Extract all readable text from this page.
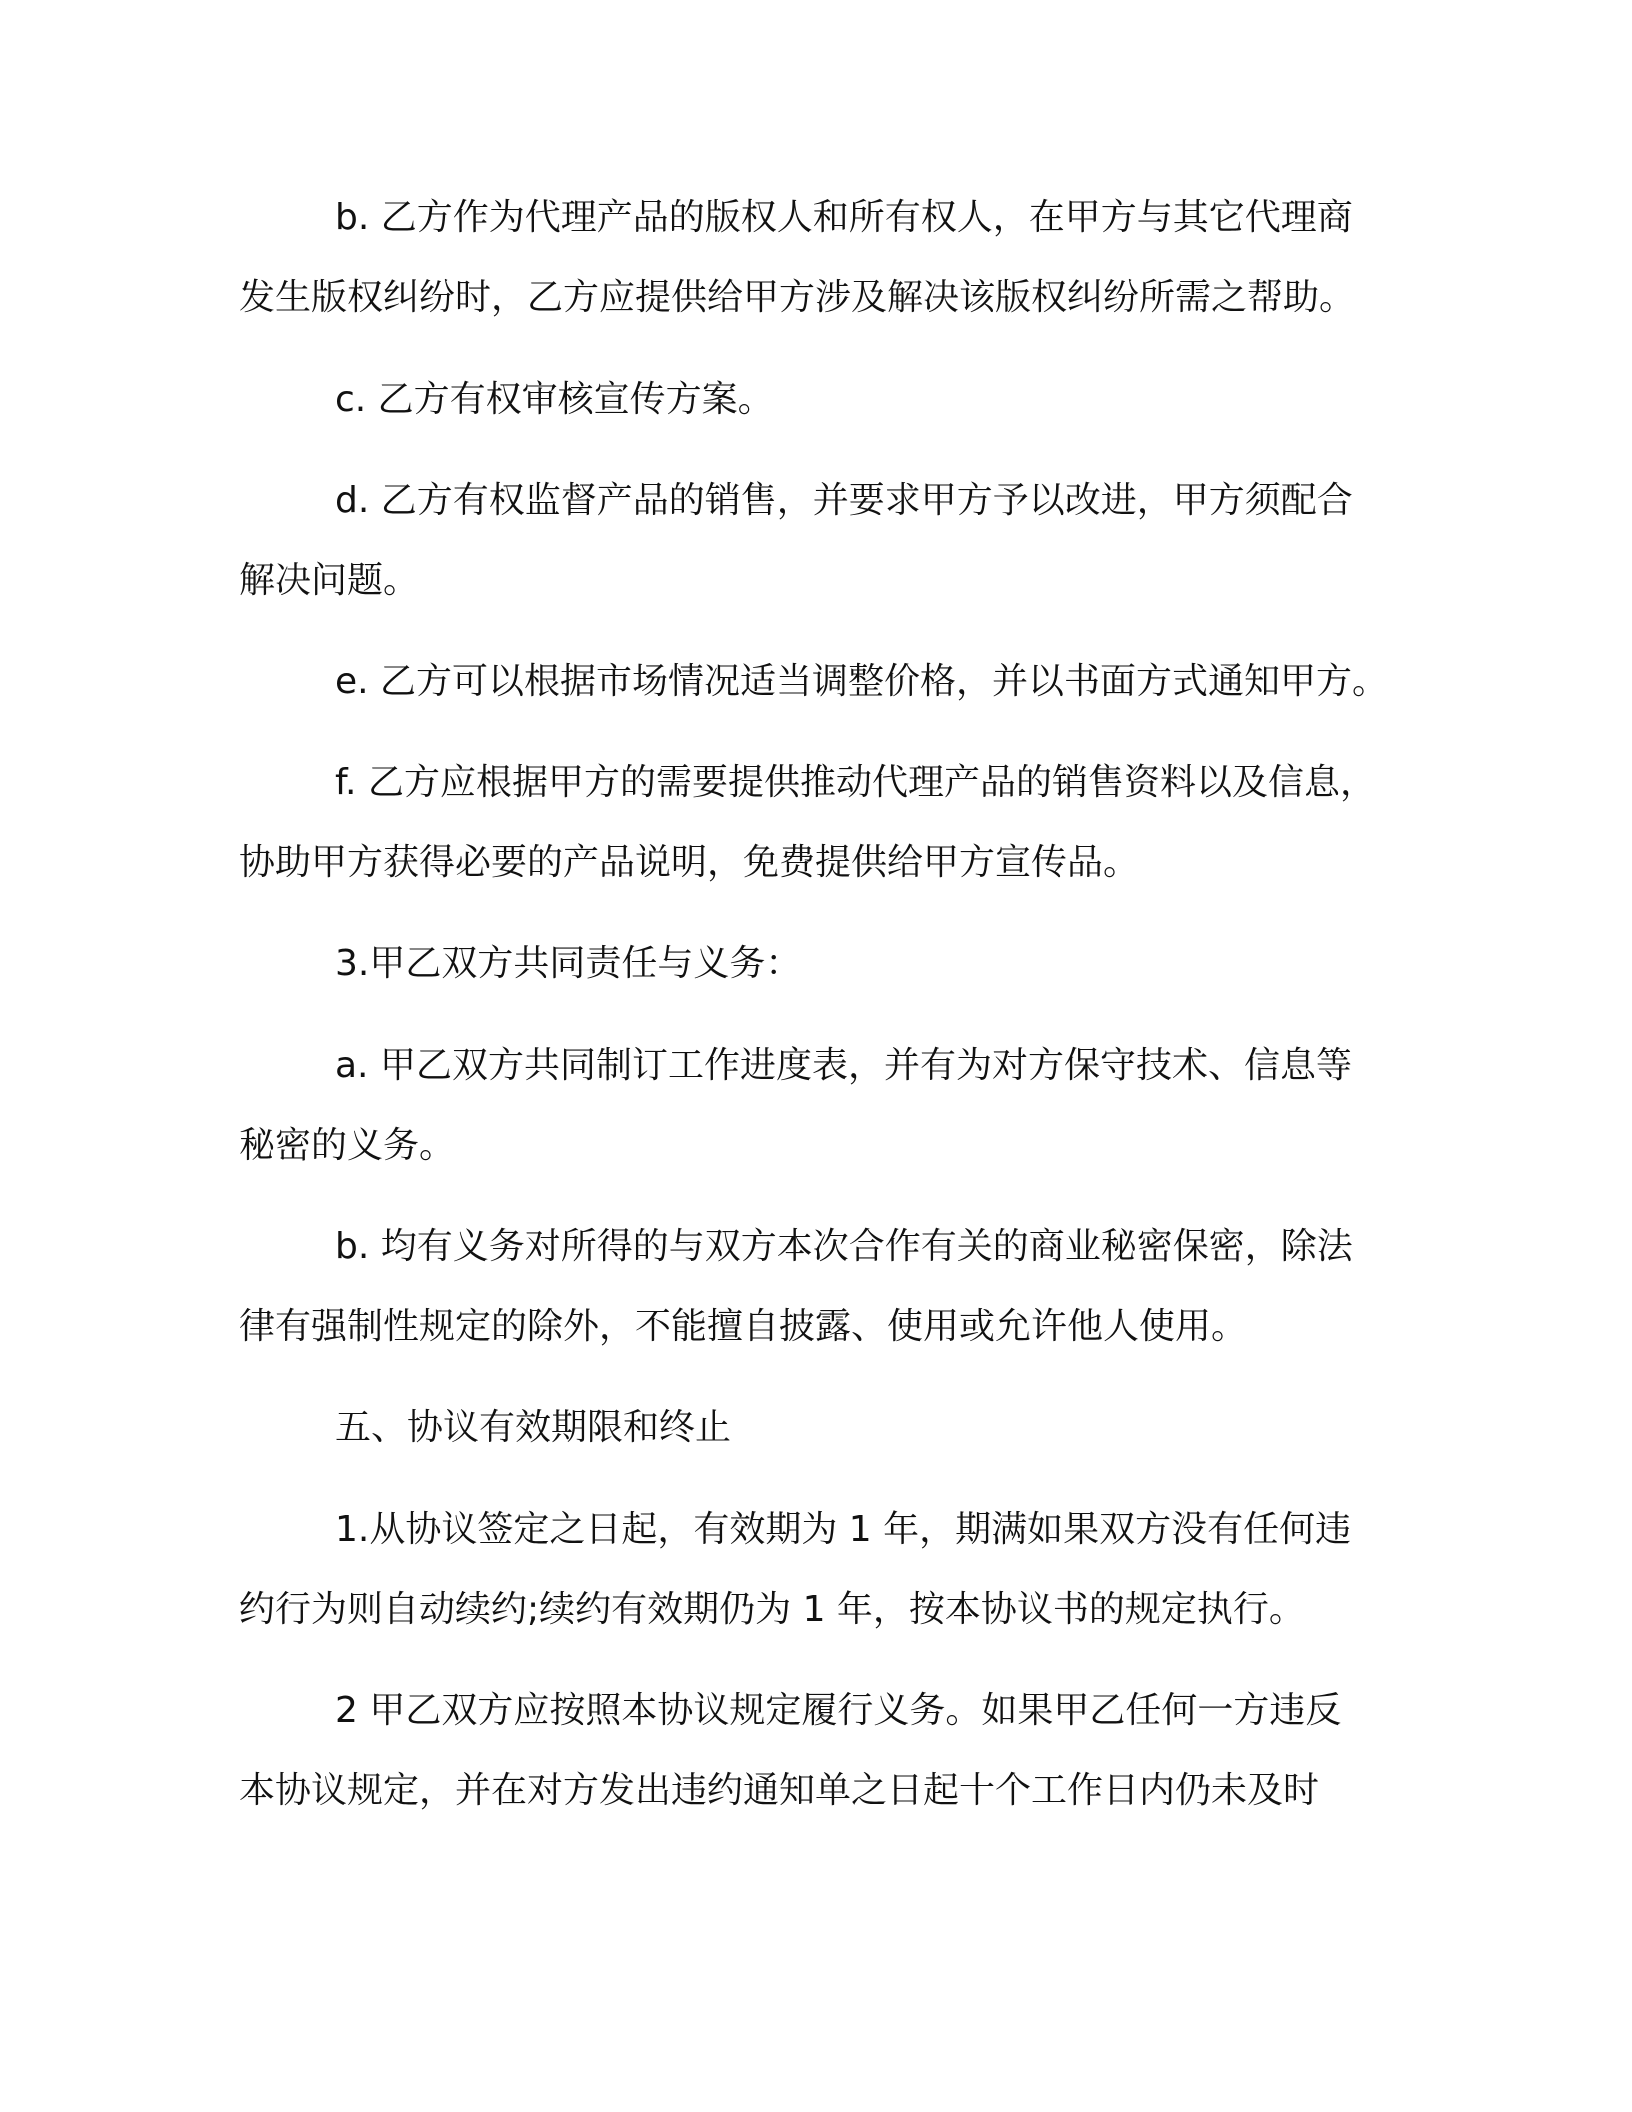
b. 乙方作为代理产品的版权人和所有权人，在甲方与其它代理商
发生版权纠纷时，乙方应提供给甲方涉及解决该版权纠纷所需之帮助。
c. 乙方有权审核宣传方案。
d. 乙方有权监督产品的销售，并要求甲方予以改进，甲方须配合
解决问题。
e. 乙方可以根据市场情况适当调整价格，并以书面方式通知甲方。
f. 乙方应根据甲方的需要提供推动代理产品的销售资料以及信息，
协助甲方获得必要的产品说明，免费提供给甲方宣传品。
3.甲乙双方共同责任与义务：
a. 甲乙双方共同制订工作进度表，并有为对方保守技术、信息等
秘密的义务。
b. 均有义务对所得的与双方本次合作有关的商业秘密保密，除法
律有强制性规定的除外，不能擅自披露、使用或允许他人使用。
五、协议有效期限和终止
1.从协议签定之日起，有效期为 1 年，期满如果双方没有任何违
约行为则自动续约;续约有效期仍为 1 年，按本协议书的规定执行。
2 甲乙双方应按照本协议规定履行义务。如果甲乙任何一方违反
本协议规定，并在对方发出违约通知单之日起十个工作日内仍未及时
